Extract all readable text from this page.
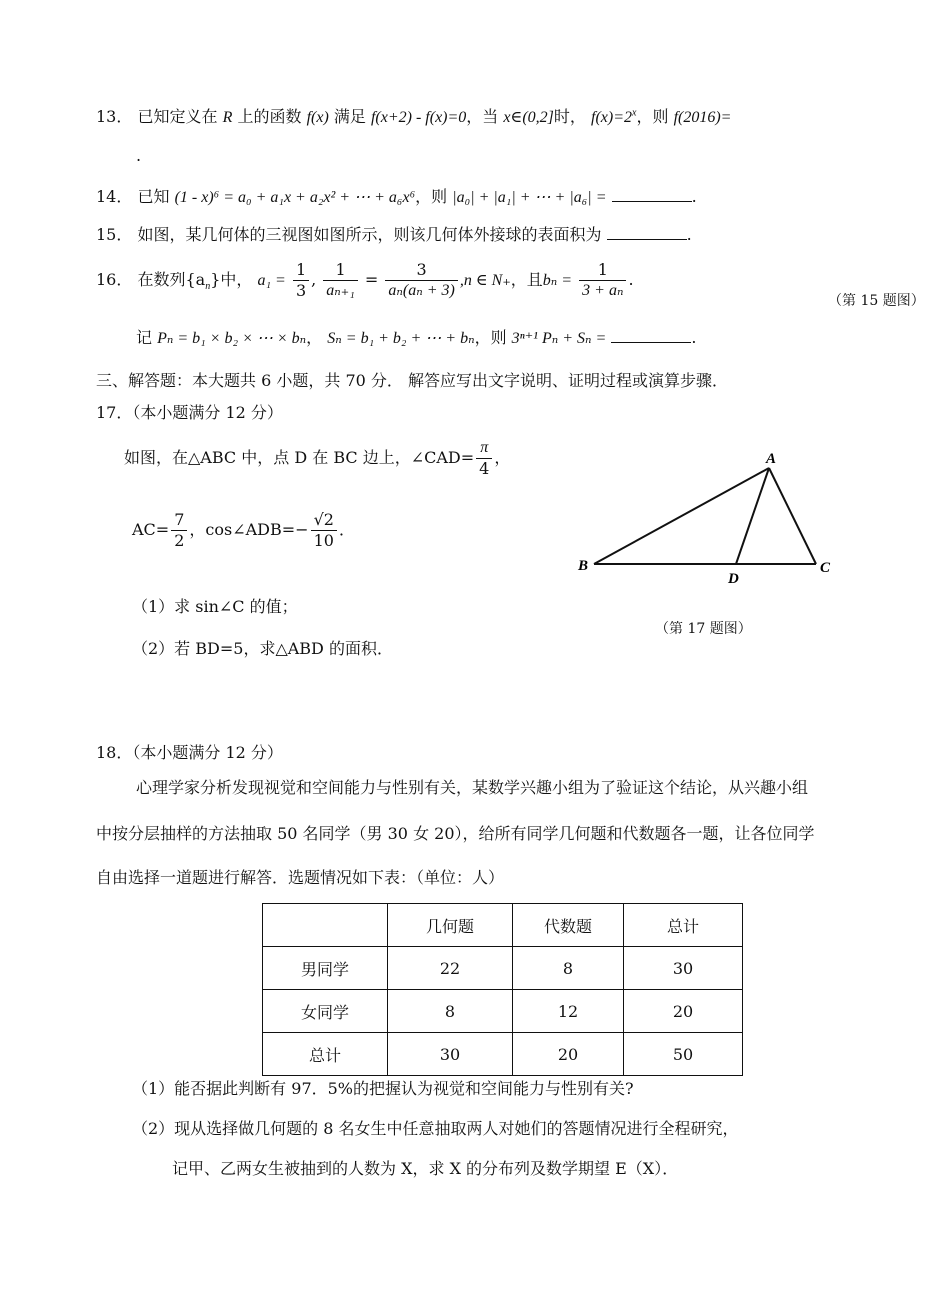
13． 已知定义在 R 上的函数 f(x) 满足 f(x+2) - f(x)=0，当 x∈(0,2]时， $f(x)=2^x$，则 f(2016)=
.
14． 已知 (1 - x)⁶ = a₀ + a₁x + a₂x² + ⋯ + a₆x⁶，则 |a₀| + |a₁| + ⋯ + |a₆| =	.
15． 如图，某几何体的三视图如图所示，则该几何体外接球的表面积为	.
16． 在数列$\{a_n\}$中， $a_1 = \frac{1}{3}$ , $\frac{1}{\text{aₙ₊₁}} = \frac{3}{\text{aₙ(aₙ + 3)}} ,n$ ∈ N₊，且$b_n = \frac{1}{\text{3 + aₙ}}$ .
（第 15 题图）
记 Pₙ = b₁ × b₂ × ⋯ × bₙ， Sₙ = b₁ + b₂ + ⋯ + bₙ，则 3ⁿ⁺¹ Pₙ + Sₙ =	.
三、解答题：本大题共 6 小题，共 70 分． 解答应写出文字说明、证明过程或演算步骤．
17．（本小题满分 12 分）
如图，在△ABC 中，点 D 在 BC 边上，∠CAD= $\frac{\pi}{4}$ ，
$AC= \frac{7}{2}$ ，cos∠ADB=− $\frac{√2}{10}$ ．
（1）求 sin∠C 的值；
（2）若 BD=5，求△ABD 的面积．
A
B	C
D
（第 17 题图）
18．（本小题满分 12 分）
心理学家分析发现视觉和空间能力与性别有关，某数学兴趣小组为了验证这个结论，从兴趣小组
中按分层抽样的方法抽取 50 名同学（男 30 女 20），给所有同学几何题和代数题各一题，让各位同学
自由选择一道题进行解答．选题情况如下表：（单位：人）
	几何题	代数题	总计
男同学	22	8	30
女同学	8	12	20
总计	30	20	50
（1）能否据此判断有 97．5%的把握认为视觉和空间能力与性别有关?
（2）现从选择做几何题的 8 名女生中任意抽取两人对她们的答题情况进行全程研究，
记甲、乙两女生被抽到的人数为 X，求 X 的分布列及数学期望 E（X）．
